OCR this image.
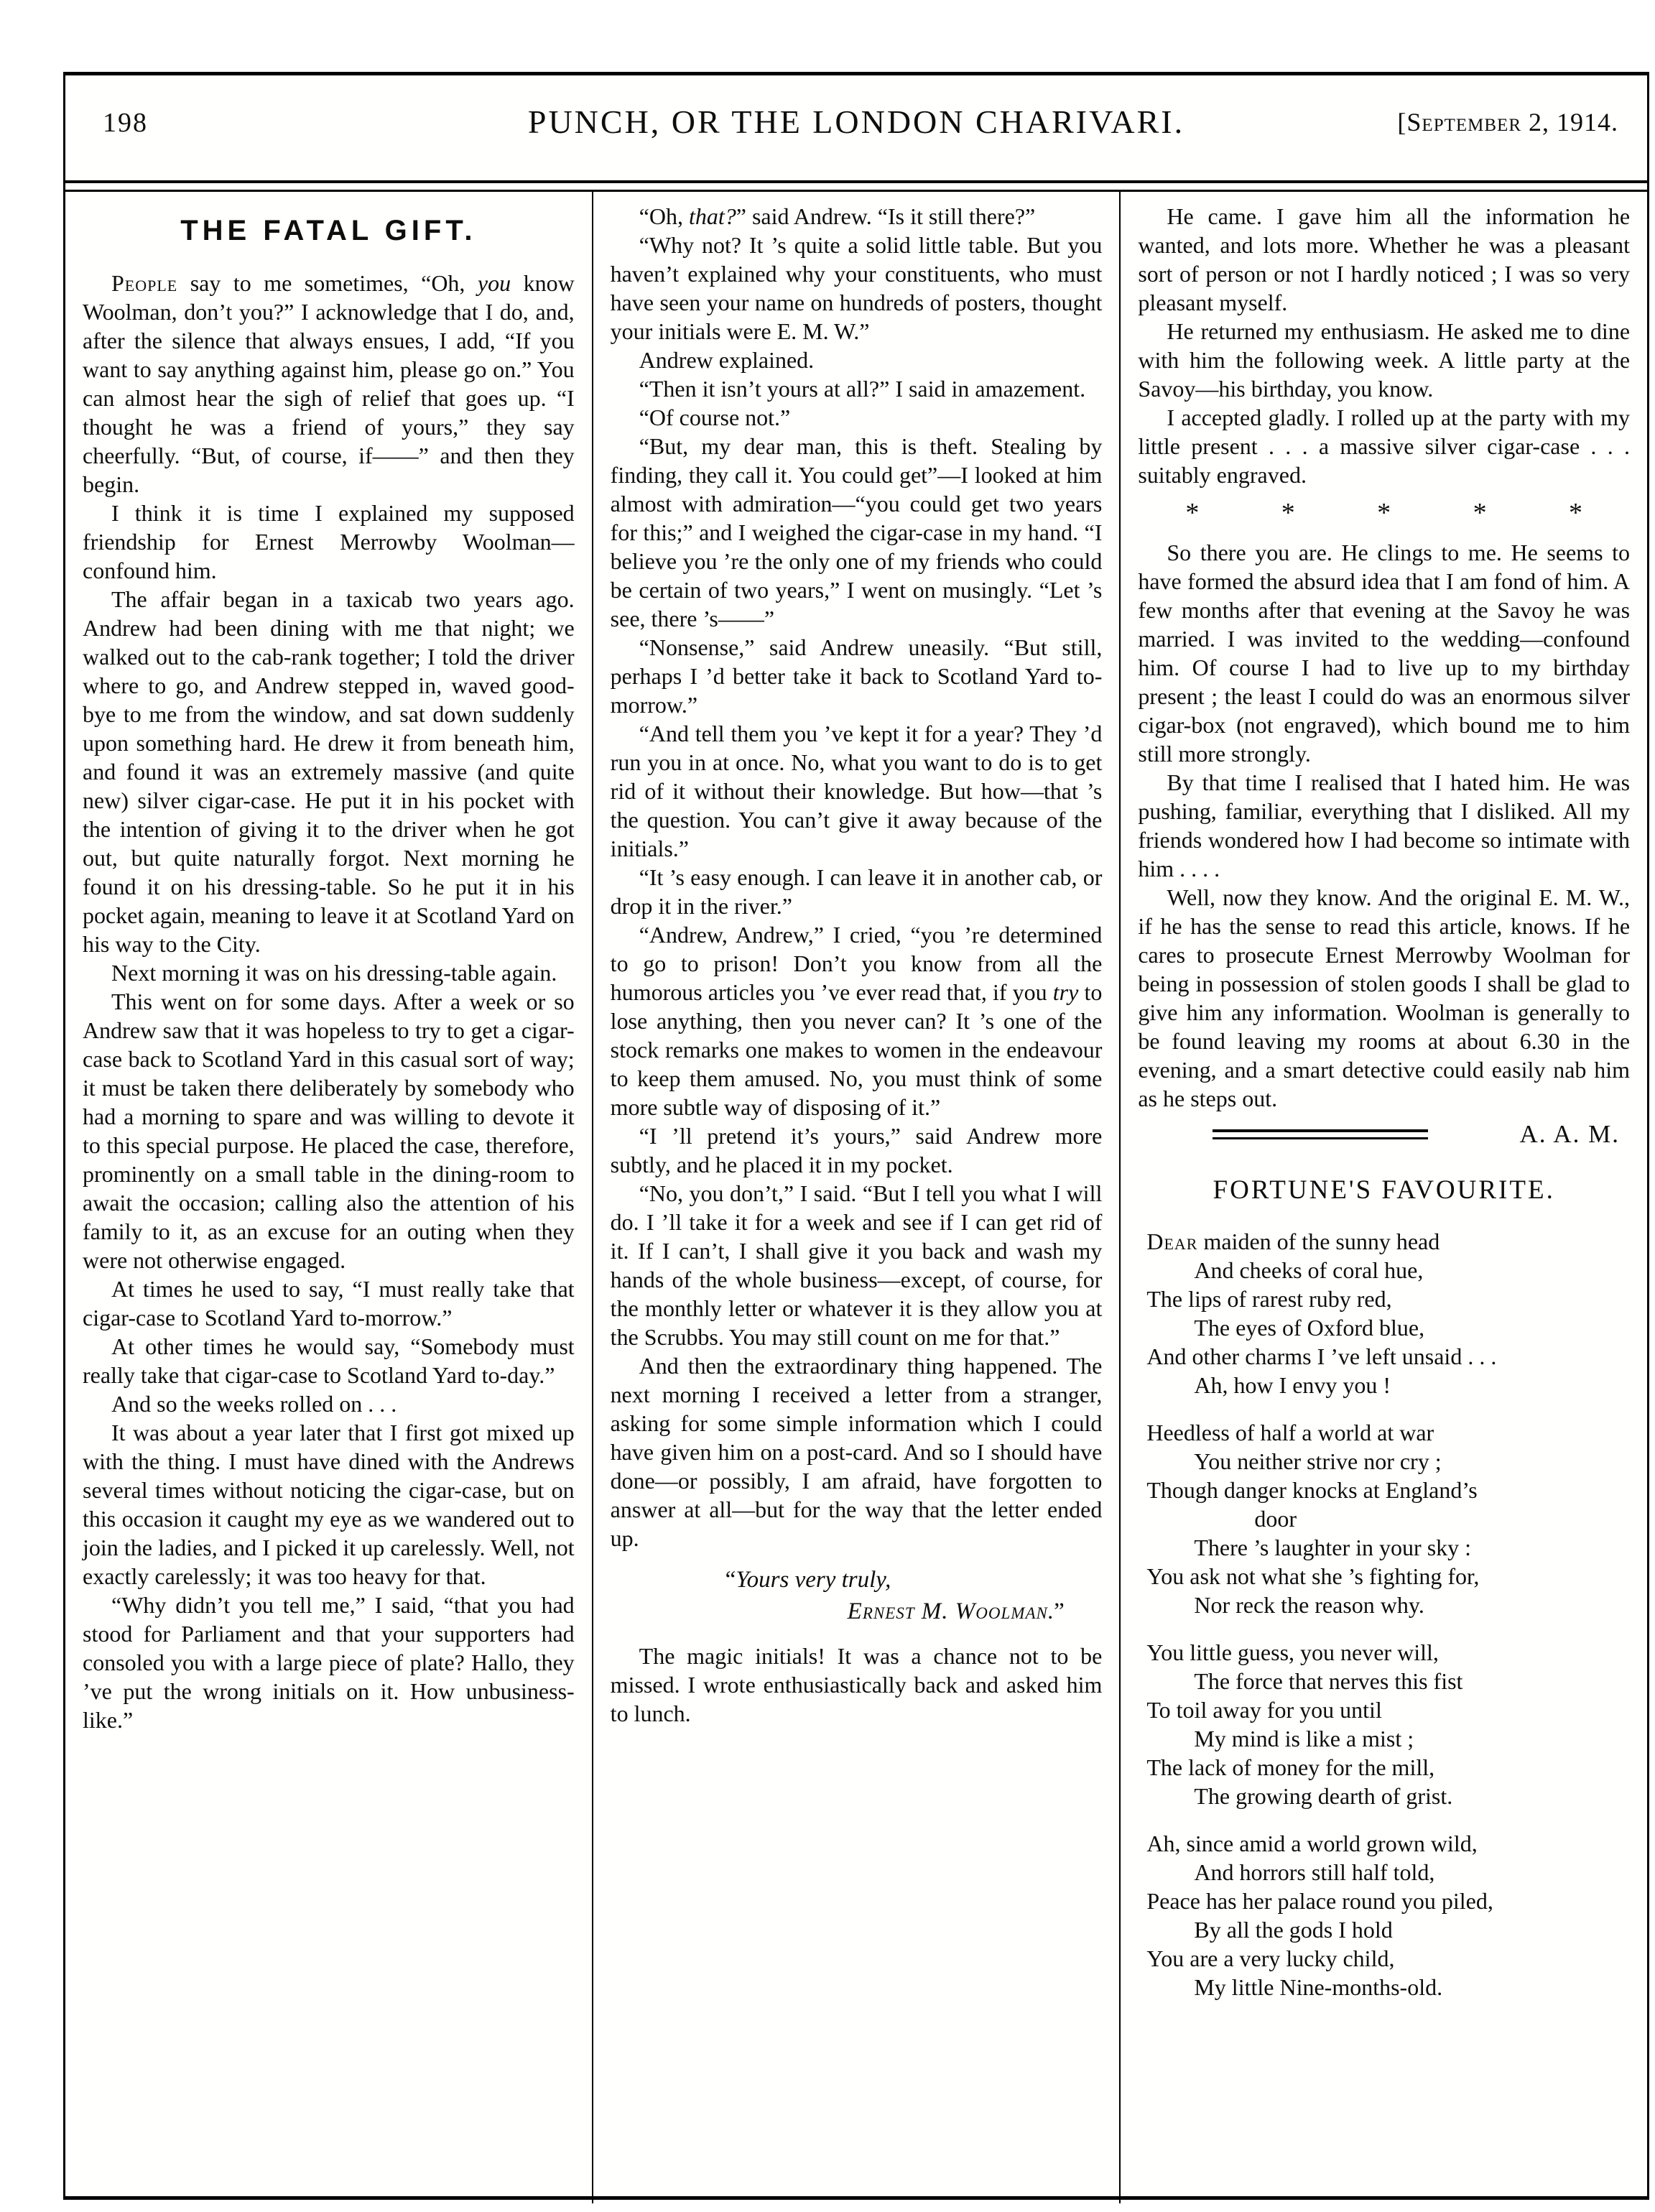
198	PUNCH, OR THE LONDON CHARIVARI.	[September 2, 1914.
THE FATAL GIFT.

People say to me sometimes, “Oh, you know Woolman, don’t you?” I acknowledge that I do, and, after the silence that always ensues, I add, “If you want to say anything against him, please go on.” You can almost hear the sigh of relief that goes up. “I thought he was a friend of yours,” they say cheerfully. “But, of course, if——” and then they begin.

I think it is time I explained my supposed friendship for Ernest Merrowby Woolman—confound him.

The affair began in a taxicab two years ago. Andrew had been dining with me that night; we walked out to the cab-rank together; I told the driver where to go, and Andrew stepped in, waved good-bye to me from the window, and sat down suddenly upon something hard. He drew it from beneath him, and found it was an extremely massive (and quite new) silver cigar-case. He put it in his pocket with the intention of giving it to the driver when he got out, but quite naturally forgot. Next morning he found it on his dressing-table. So he put it in his pocket again, meaning to leave it at Scotland Yard on his way to the City.

Next morning it was on his dressing-table again.

This went on for some days. After a week or so Andrew saw that it was hopeless to try to get a cigar-case back to Scotland Yard in this casual sort of way; it must be taken there deliberately by somebody who had a morning to spare and was willing to devote it to this special purpose. He placed the case, therefore, prominently on a small table in the dining-room to await the occasion; calling also the attention of his family to it, as an excuse for an outing when they were not otherwise engaged.

At times he used to say, “I must really take that cigar-case to Scotland Yard to-morrow.”

At other times he would say, “Somebody must really take that cigar-case to Scotland Yard to-day.”

And so the weeks rolled on . . .

It was about a year later that I first got mixed up with the thing. I must have dined with the Andrews several times without noticing the cigar-case, but on this occasion it caught my eye as we wandered out to join the ladies, and I picked it up carelessly. Well, not exactly carelessly; it was too heavy for that.

“Why didn’t you tell me,” I said, “that you had stood for Parliament and that your supporters had consoled you with a large piece of plate? Hallo, they ’ve put the wrong initials on it. How unbusiness-like.”

“Oh, that?” said Andrew. “Is it still there?”

“Why not? It ’s quite a solid little table. But you haven’t explained why your constituents, who must have seen your name on hundreds of posters, thought your initials were E. M. W.”

Andrew explained.

“Then it isn’t yours at all?” I said in amazement.

“Of course not.”

“But, my dear man, this is theft. Stealing by finding, they call it. You could get”—I looked at him almost with admiration—“you could get two years for this;” and I weighed the cigar-case in my hand. “I believe you ’re the only one of my friends who could be certain of two years,” I went on musingly. “Let ’s see, there ’s——”

“Nonsense,” said Andrew uneasily. “But still, perhaps I ’d better take it back to Scotland Yard to-morrow.”

“And tell them you ’ve kept it for a year? They ’d run you in at once. No, what you want to do is to get rid of it without their knowledge. But how—that ’s the question. You can’t give it away because of the initials.”

“It ’s easy enough. I can leave it in another cab, or drop it in the river.”

“Andrew, Andrew,” I cried, “you ’re determined to go to prison! Don’t you know from all the humorous articles you ’ve ever read that, if you try to lose anything, then you never can? It ’s one of the stock remarks one makes to women in the endeavour to keep them amused. No, you must think of some more subtle way of disposing of it.”

“I ’ll pretend it’s yours,” said Andrew more subtly, and he placed it in my pocket.

“No, you don’t,” I said. “But I tell you what I will do. I ’ll take it for a week and see if I can get rid of it. If I can’t, I shall give it you back and wash my hands of the whole business—except, of course, for the monthly letter or whatever it is they allow you at the Scrubbs. You may still count on me for that.”

And then the extraordinary thing happened. The next morning I received a letter from a stranger, asking for some simple information which I could have given him on a post-card. And so I should have done—or possibly, I am afraid, have forgotten to answer at all—but for the way that the letter ended up.

“Yours very truly,
Ernest M. Woolman.”

The magic initials! It was a chance not to be missed. I wrote enthusiastically back and asked him to lunch.

He came. I gave him all the information he wanted, and lots more. Whether he was a pleasant sort of person or not I hardly noticed ; I was so very pleasant myself.

He returned my enthusiasm. He asked me to dine with him the following week. A little party at the Savoy—his birthday, you know.

I accepted gladly. I rolled up at the party with my little present . . . a massive silver cigar-case . . . suitably engraved.

*	*	*	*	*

So there you are. He clings to me. He seems to have formed the absurd idea that I am fond of him. A few months after that evening at the Savoy he was married. I was invited to the wedding—confound him. Of course I had to live up to my birthday present ; the least I could do was an enormous silver cigar-box (not engraved), which bound me to him still more strongly.

By that time I realised that I hated him. He was pushing, familiar, everything that I disliked. All my friends wondered how I had become so intimate with him . . . .

Well, now they know. And the original E. M. W., if he has the sense to read this article, knows. If he cares to prosecute Ernest Merrowby Woolman for being in possession of stolen goods I shall be glad to give him any information. Woolman is generally to be found leaving my rooms at about 6.30 in the evening, and a smart detective could easily nab him as he steps out.

A. A. M.
FORTUNE'S FAVOURITE.
Dear maiden of the sunny head
And cheeks of coral hue,
The lips of rarest ruby red,
The eyes of Oxford blue,
And other charms I ’ve left unsaid . . .
Ah, how I envy you !
Heedless of half a world at war
You neither strive nor cry ;
Though danger knocks at England’s
door
There ’s laughter in your sky :
You ask not what she ’s fighting for,
Nor reck the reason why.
You little guess, you never will,
The force that nerves this fist
To toil away for you until
My mind is like a mist ;
The lack of money for the mill,
The growing dearth of grist.
Ah, since amid a world grown wild,
And horrors still half told,
Peace has her palace round you piled,
By all the gods I hold
You are a very lucky child,
My little Nine-months-old.
